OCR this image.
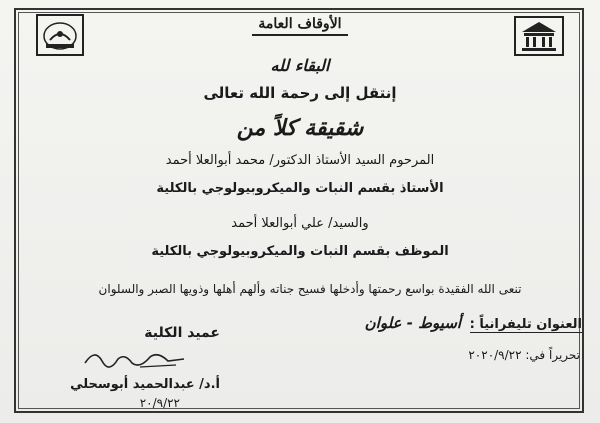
الأوقاف العامة
البقاء لله
إنتقل إلى رحمة الله تعالى
شقيقة كلاً من
المرحوم السيد الأستاذ الدكتور/ محمد أبوالعلا أحمد
الأستاذ بقسم النبات والميكروبيولوجي بالكلية
والسيد/ علي أبوالعلا أحمد
الموظف بقسم النبات والميكروبيولوجي بالكلية
تنعى الله الفقيدة بواسع رحمتها وأدخلها فسيح جناته وألهم أهلها وذويها الصبر والسلوان
العنوان تليفرانياً : أسيوط - علوان
تحريراً في: ٢٠٢٠/٩/٢٢
عميد الكلية
أ.د/ عبدالحميد أبوسحلي
٢٠/٩/٢٢
